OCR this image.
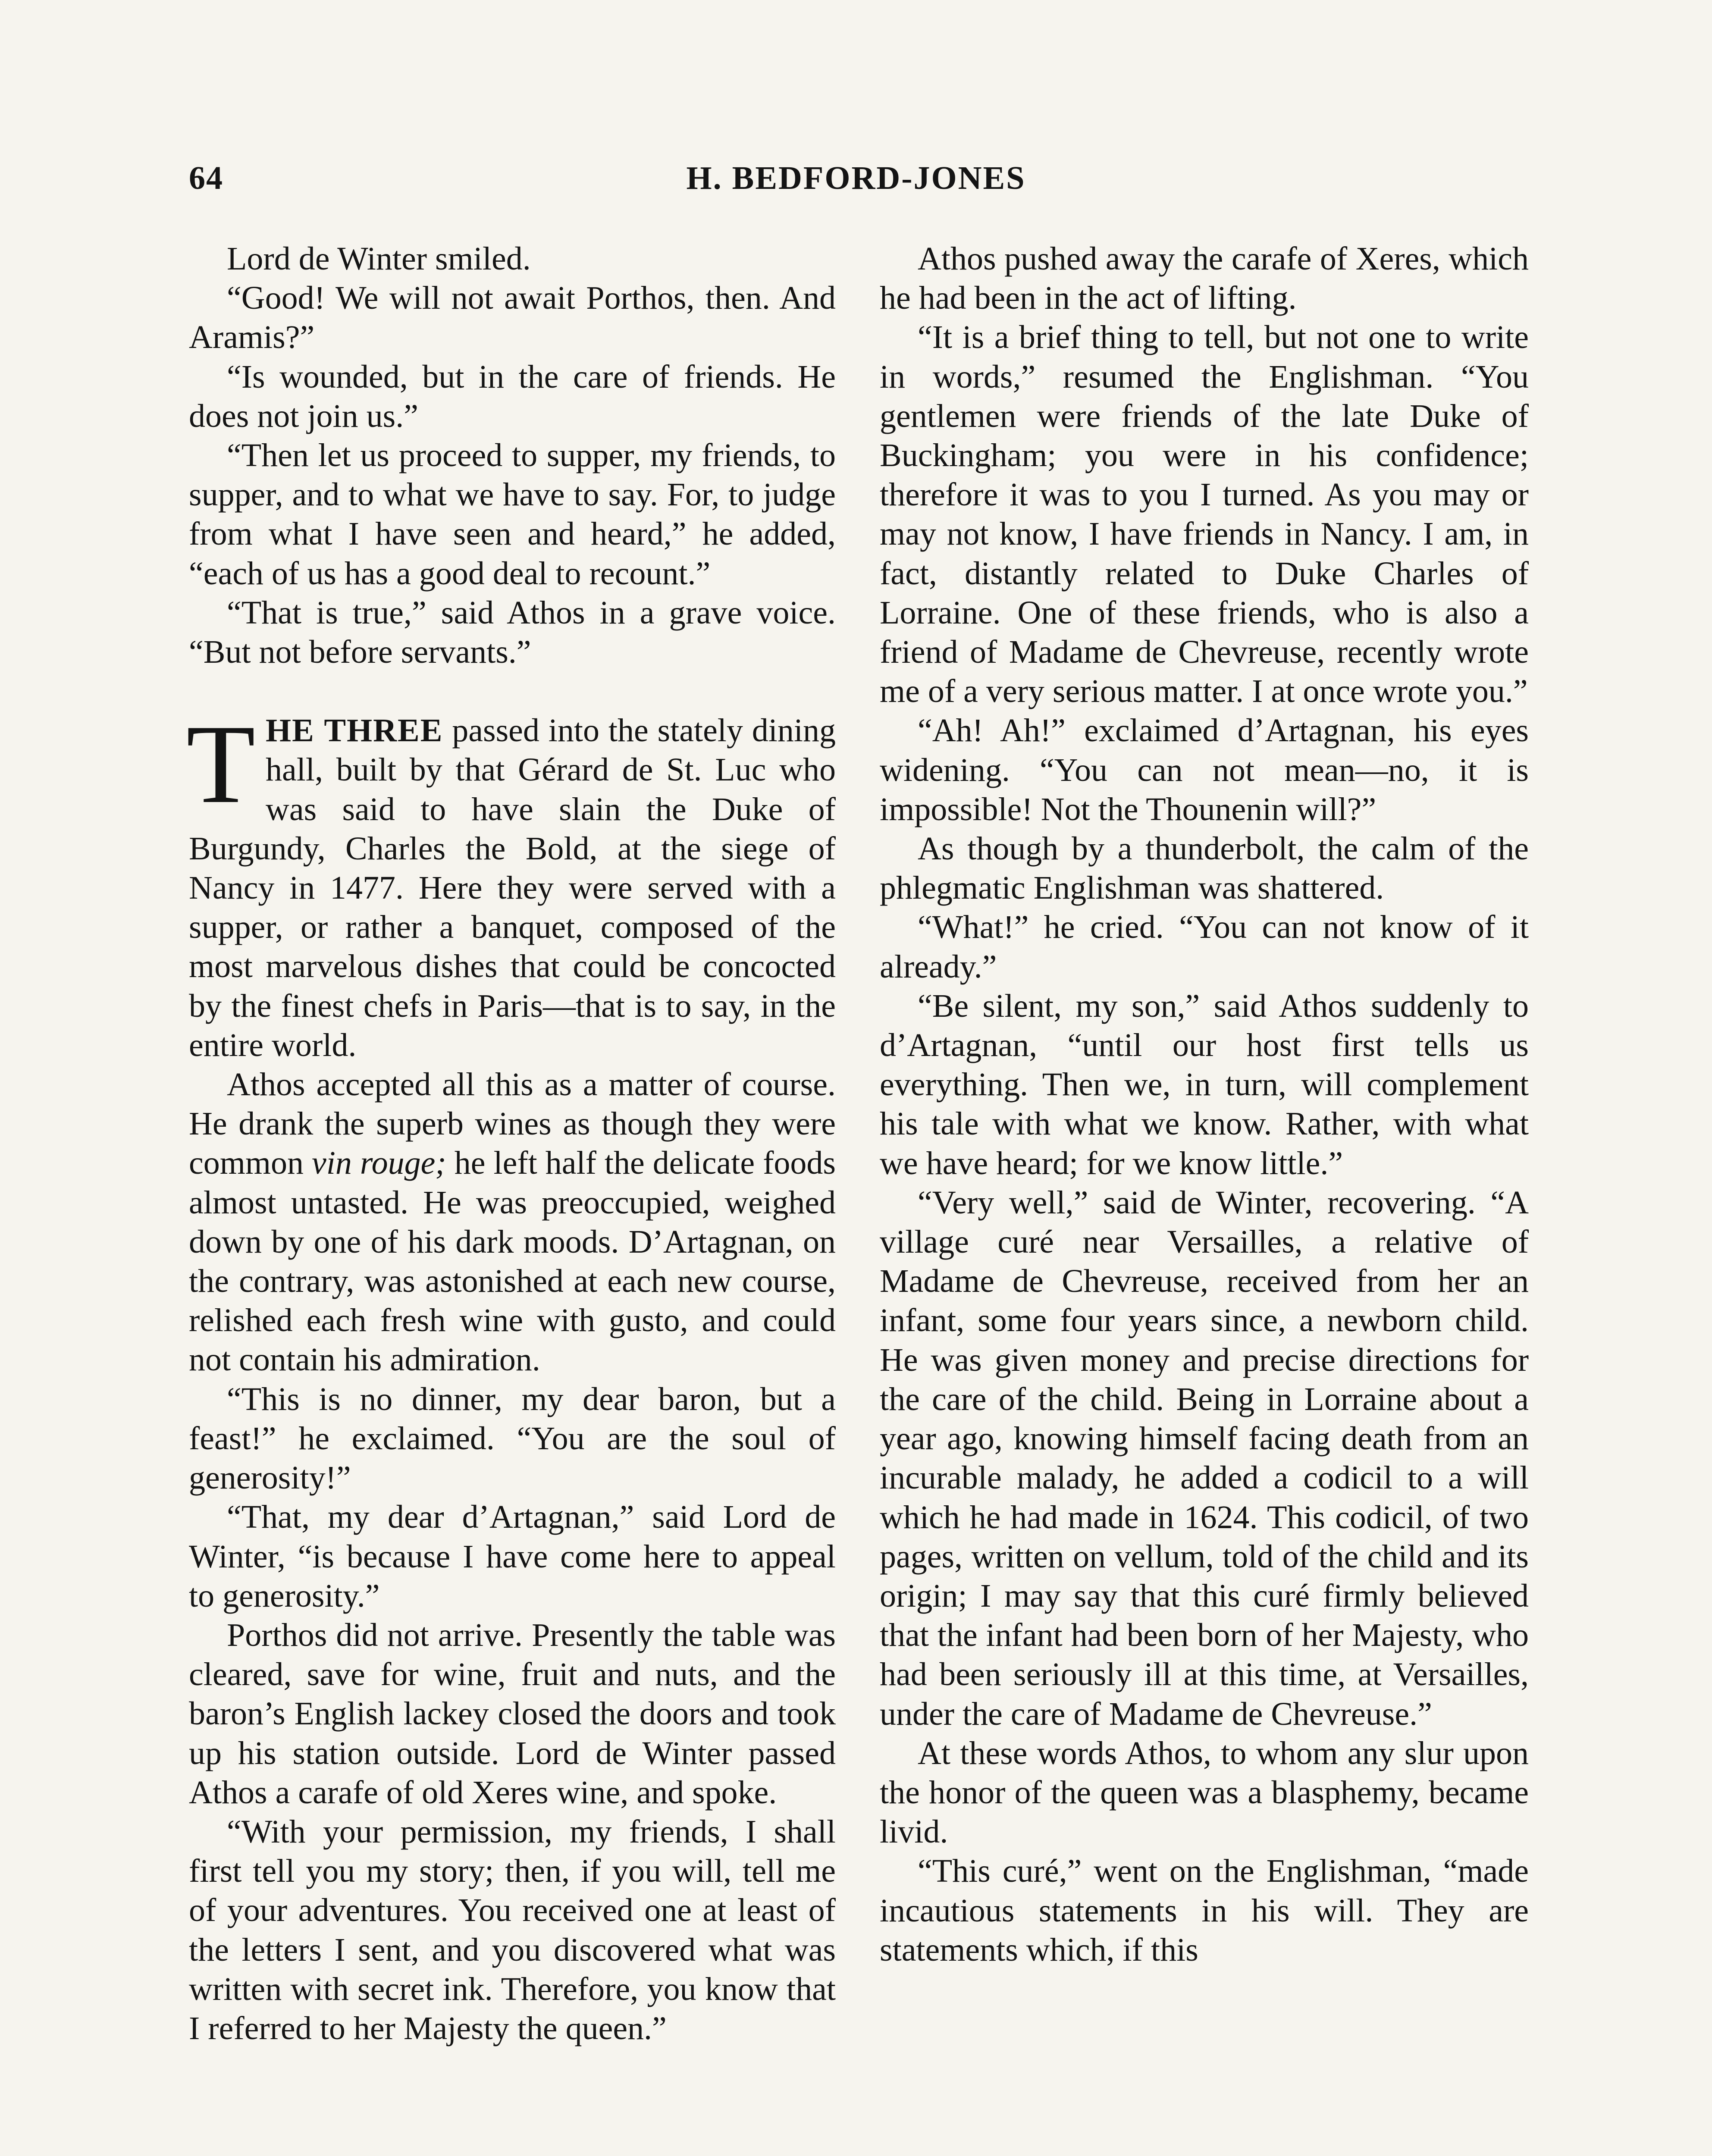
64	H. BEDFORD-JONES

Lord de Winter smiled.

“Good! We will not await Porthos, then. And Aramis?”

“Is wounded, but in the care of friends. He does not join us.”

“Then let us proceed to supper, my friends, to supper, and to what we have to say. For, to judge from what I have seen and heard,” he added, “each of us has a good deal to recount.”

“That is true,” said Athos in a grave voice. “But not before servants.”

THE THREE passed into the stately dining hall, built by that Gérard de St. Luc who was said to have slain the Duke of Burgundy, Charles the Bold, at the siege of Nancy in 1477. Here they were served with a supper, or rather a banquet, composed of the most marvelous dishes that could be concocted by the finest chefs in Paris—that is to say, in the entire world.

Athos accepted all this as a matter of course. He drank the superb wines as though they were common vin rouge; he left half the delicate foods almost untasted. He was preoccupied, weighed down by one of his dark moods. D’Artagnan, on the contrary, was astonished at each new course, relished each fresh wine with gusto, and could not contain his admiration.

“This is no dinner, my dear baron, but a feast!” he exclaimed. “You are the soul of generosity!”

“That, my dear d’Artagnan,” said Lord de Winter, “is because I have come here to appeal to generosity.”

Porthos did not arrive. Presently the table was cleared, save for wine, fruit and nuts, and the baron’s English lackey closed the doors and took up his station outside. Lord de Winter passed Athos a carafe of old Xeres wine, and spoke.

“With your permission, my friends, I shall first tell you my story; then, if you will, tell me of your adventures. You received one at least of the letters I sent, and you discovered what was written with secret ink. Therefore, you know that I referred to her Majesty the queen.”

Athos pushed away the carafe of Xeres, which he had been in the act of lifting.

“It is a brief thing to tell, but not one to write in words,” resumed the Englishman. “You gentlemen were friends of the late Duke of Buckingham; you were in his confidence; therefore it was to you I turned. As you may or may not know, I have friends in Nancy. I am, in fact, distantly related to Duke Charles of Lorraine. One of these friends, who is also a friend of Madame de Chevreuse, recently wrote me of a very serious matter. I at once wrote you.”

“Ah! Ah!” exclaimed d’Artagnan, his eyes widening. “You can not mean—no, it is impossible! Not the Thounenin will?”

As though by a thunderbolt, the calm of the phlegmatic Englishman was shattered.

“What!” he cried. “You can not know of it already.”

“Be silent, my son,” said Athos suddenly to d’Artagnan, “until our host first tells us everything. Then we, in turn, will complement his tale with what we know. Rather, with what we have heard; for we know little.”

“Very well,” said de Winter, recovering. “A village curé near Versailles, a relative of Madame de Chevreuse, received from her an infant, some four years since, a newborn child. He was given money and precise directions for the care of the child. Being in Lorraine about a year ago, knowing himself facing death from an incurable malady, he added a codicil to a will which he had made in 1624. This codicil, of two pages, written on vellum, told of the child and its origin; I may say that this curé firmly believed that the infant had been born of her Majesty, who had been seriously ill at this time, at Versailles, under the care of Madame de Chevreuse.”

At these words Athos, to whom any slur upon the honor of the queen was a blasphemy, became livid.

“This curé,” went on the Englishman, “made incautious statements in his will. They are statements which, if this
